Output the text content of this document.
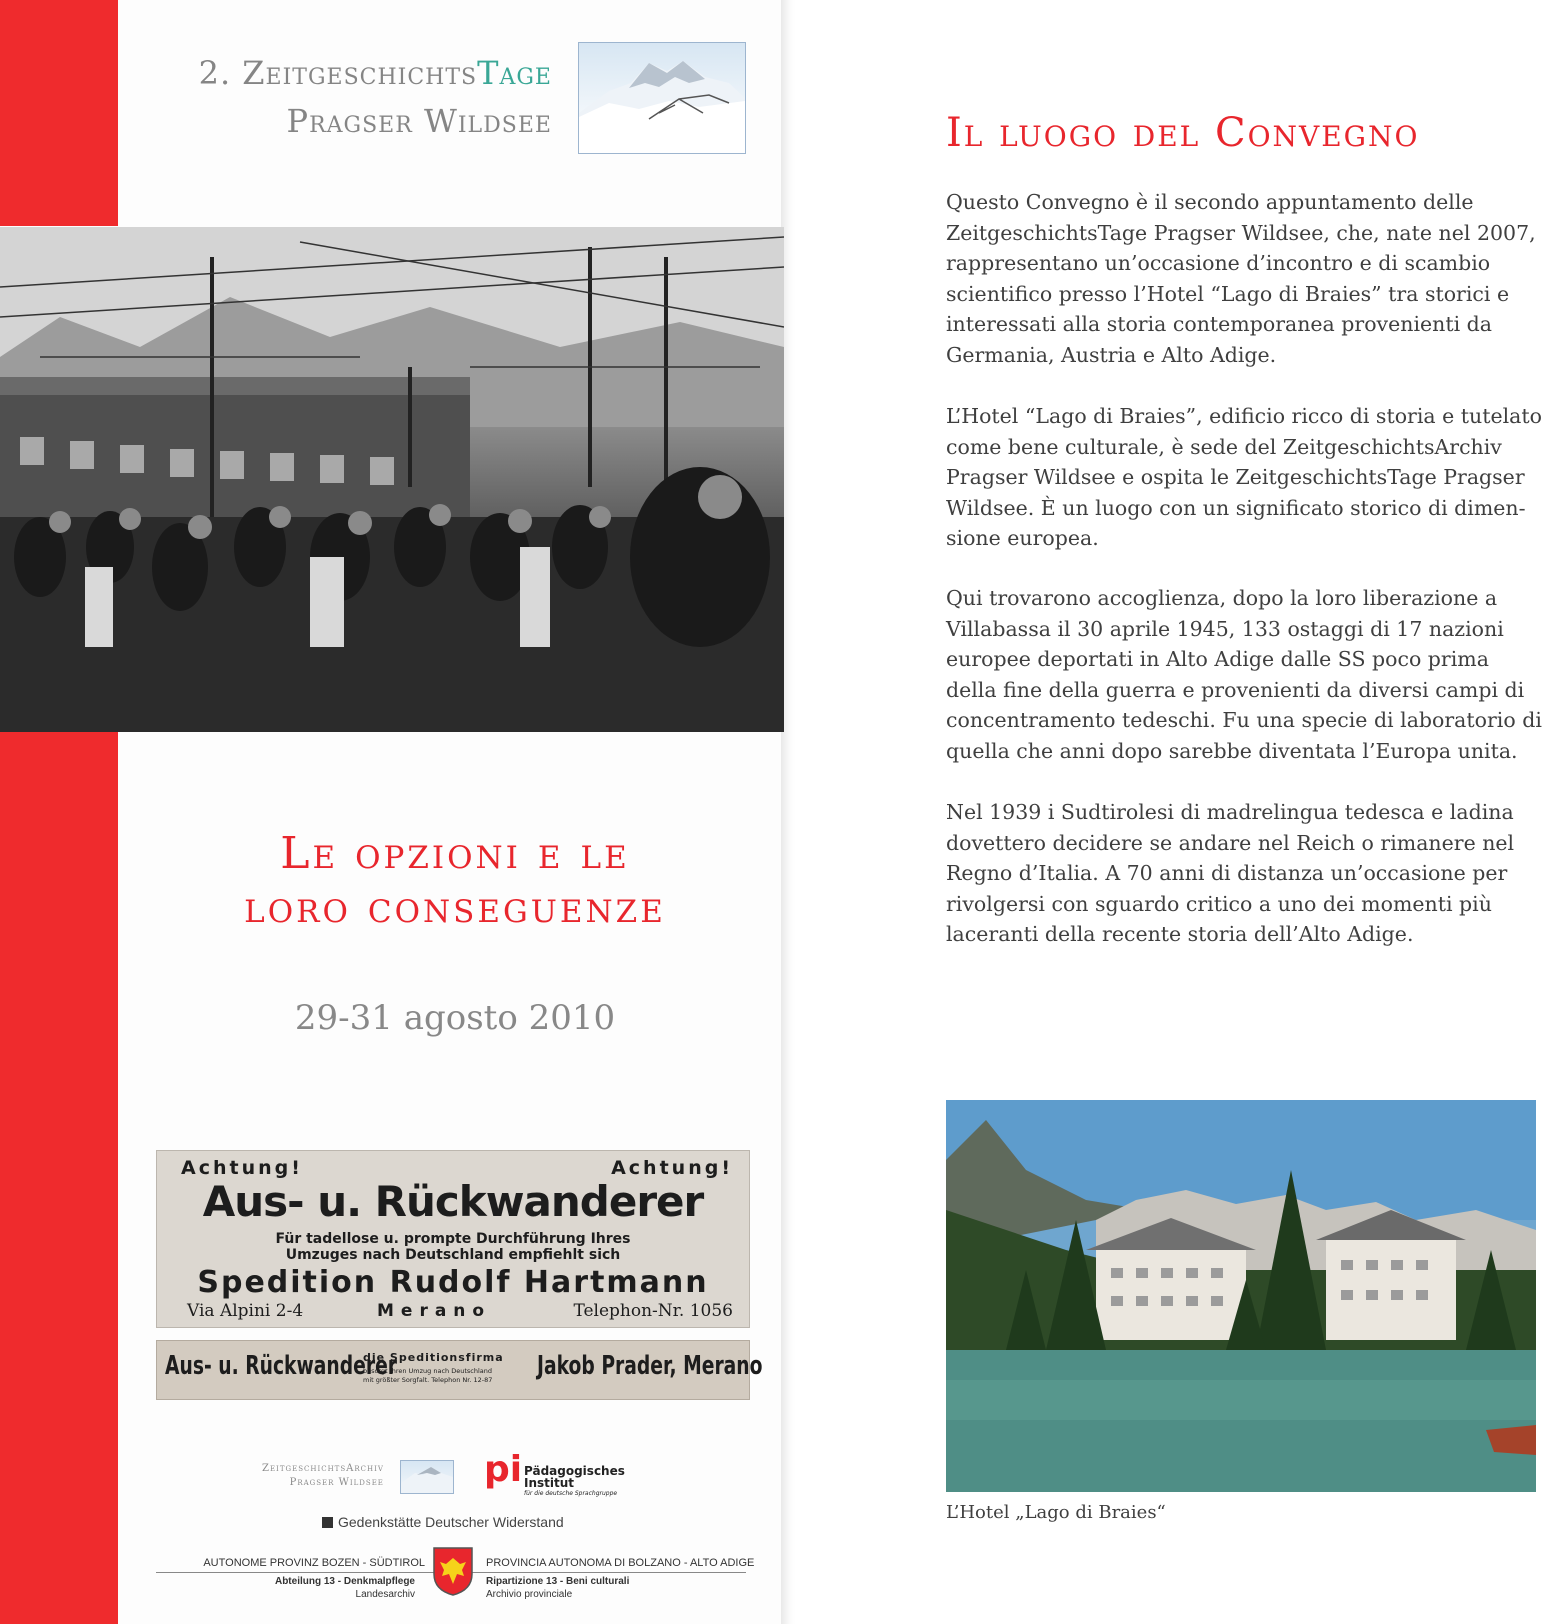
2. ZeitgeschichtsTage
Pragser Wildsee
Le opzioni e le
loro conseguenze
29-31 agosto 2010
Achtung!	Achtung!
Aus- u. Rückwanderer
Für tadellose u. prompte Durchführung Ihres
Umzuges nach Deutschland empfiehlt sich
Spedition Rudolf Hartmann
Via Alpini 2-4	Merano	Telephon-Nr. 1056
Aus- u. Rückwanderer
die Speditionsfirma
besorgt Ihren Umzug nach Deutschland
mit größter Sorgfalt. Telephon Nr. 12-87 Jakob Prader, Merano
ZeitgeschichtsArchiv
Pragser Wildsee	pi Pädagogisches
Institut
für die deutsche Sprachgruppe
Gedenkstätte Deutscher Widerstand
AUTONOME PROVINZ BOZEN - SÜDTIROL
Abteilung 13 - Denkmalpflege
Landesarchiv
PROVINCIA AUTONOMA DI BOLZANO - ALTO ADIGE
Ripartizione 13 - Beni culturali
Archivio provinciale
Il luogo del Convegno
Questo Convegno è il secondo appuntamento delle
ZeitgeschichtsTage Pragser Wildsee, che, nate nel 2007,
rappresentano un’occasione d’incontro e di scambio
scientifico presso l’Hotel “Lago di Braies” tra storici e
interessati alla storia contemporanea provenienti da
Germania, Austria e Alto Adige.
L’Hotel “Lago di Braies”, edificio ricco di storia e tutelato
come bene culturale, è sede del ZeitgeschichtsArchiv
Pragser Wildsee e ospita le ZeitgeschichtsTage Pragser
Wildsee. È un luogo con un significato storico di dimen-
sione europea.
Qui trovarono accoglienza, dopo la loro liberazione a
Villabassa il 30 aprile 1945, 133 ostaggi di 17 nazioni
europee deportati in Alto Adige dalle SS poco prima
della fine della guerra e provenienti da diversi campi di
concentramento tedeschi. Fu una specie di laboratorio di
quella che anni dopo sarebbe diventata l’Europa unita.
Nel 1939 i Sudtirolesi di madrelingua tedesca e ladina
dovettero decidere se andare nel Reich o rimanere nel
Regno d’Italia. A 70 anni di distanza un’occasione per
rivolgersi con sguardo critico a uno dei momenti più
laceranti della recente storia dell’Alto Adige.
L’Hotel „Lago di Braies“
